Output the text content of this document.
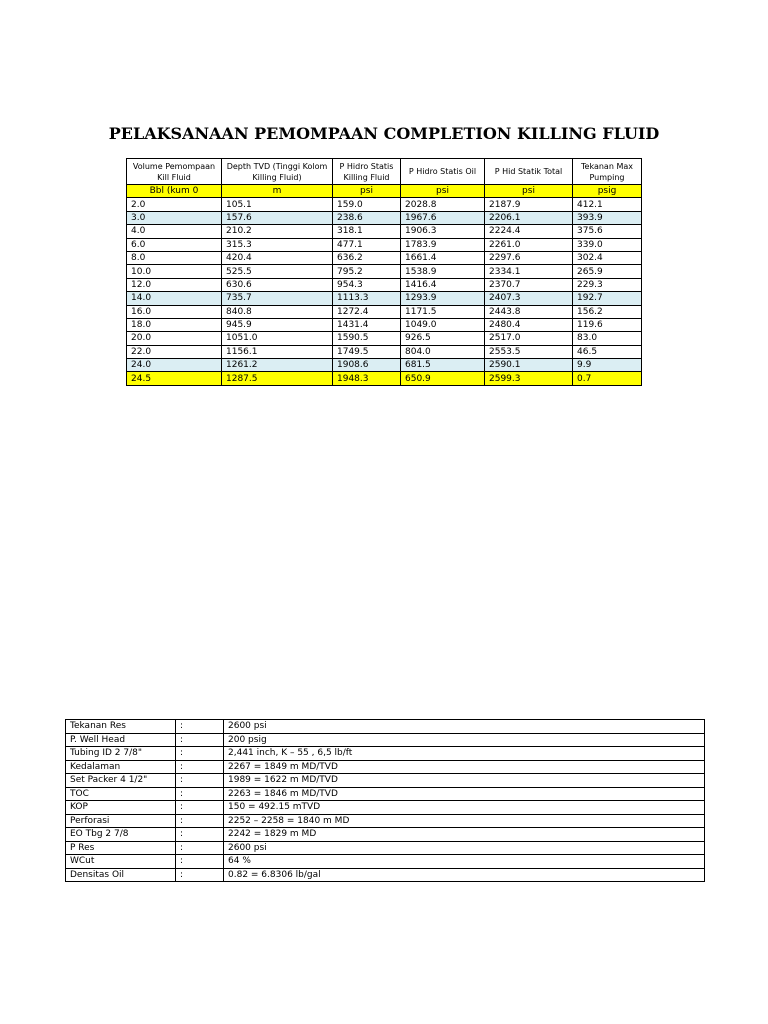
PELAKSANAAN PEMOMPAAN COMPLETION KILLING FLUID
Volume Pemompaan Kill Fluid	Depth TVD (Tinggi Kolom Killing Fluid)	P Hidro Statis Killing Fluid	P Hidro Statis Oil	P Hid Statik Total	Tekanan Max Pumping
Bbl (kum 0	m	psi	psi	psi	psig
2.0	105.1	159.0	2028.8	2187.9	412.1
3.0	157.6	238.6	1967.6	2206.1	393.9
4.0	210.2	318.1	1906.3	2224.4	375.6
6.0	315.3	477.1	1783.9	2261.0	339.0
8.0	420.4	636.2	1661.4	2297.6	302.4
10.0	525.5	795.2	1538.9	2334.1	265.9
12.0	630.6	954.3	1416.4	2370.7	229.3
14.0	735.7	1113.3	1293.9	2407.3	192.7
16.0	840.8	1272.4	1171.5	2443.8	156.2
18.0	945.9	1431.4	1049.0	2480.4	119.6
20.0	1051.0	1590.5	926.5	2517.0	83.0
22.0	1156.1	1749.5	804.0	2553.5	46.5
24.0	1261.2	1908.6	681.5	2590.1	9.9
24.5	1287.5	1948.3	650.9	2599.3	0.7
Tekanan Res	:	2600 psi
P. Well Head	:	200 psig
Tubing ID 2 7/8"	:	2,441 inch, K – 55 , 6,5 lb/ft
Kedalaman	:	2267 = 1849 m MD/TVD
Set Packer 4 1/2"	:	1989 = 1622 m MD/TVD
TOC	:	2263 = 1846 m MD/TVD
KOP	:	150 = 492.15 mTVD
Perforasi	:	2252 – 2258 = 1840 m MD
EO Tbg 2 7/8	:	2242 = 1829 m MD
P Res	:	2600 psi
WCut	:	64 %
Densitas Oil	:	0.82 = 6.8306 lb/gal
